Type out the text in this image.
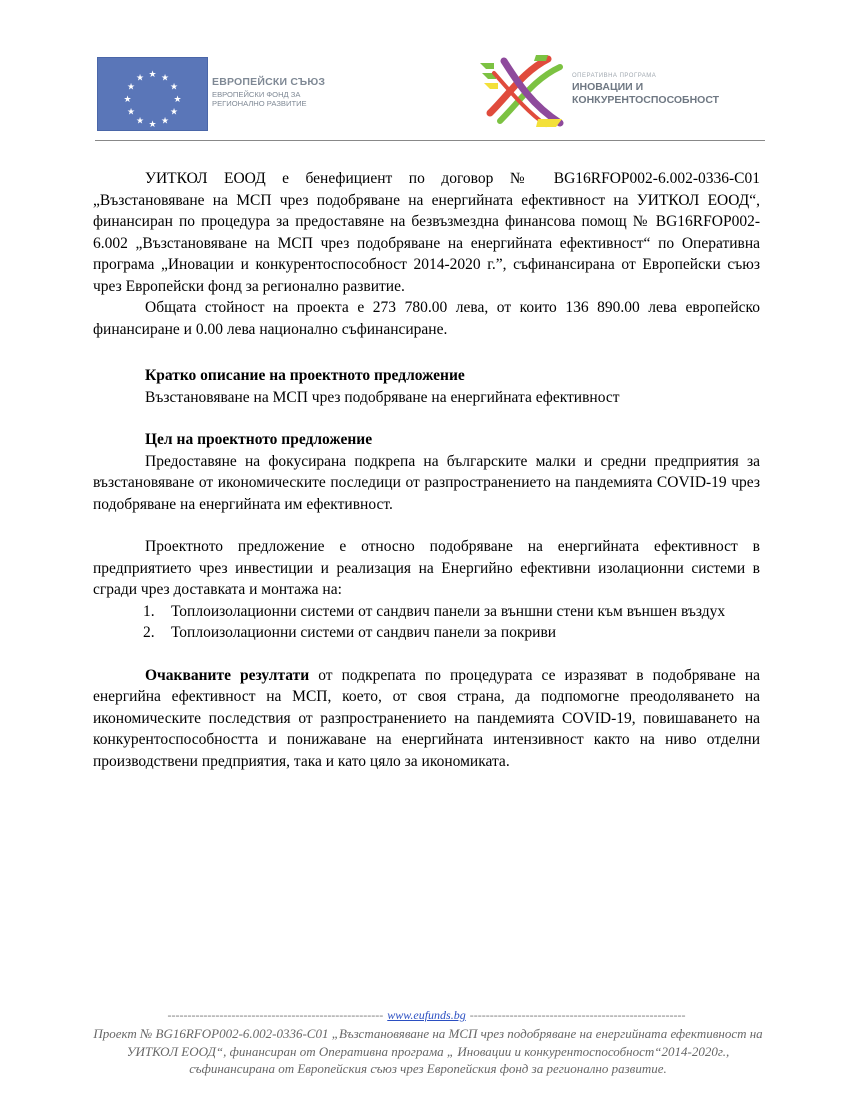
★ ★
★
★
★
★
★
★
★
★
★
★	ЕВРОПЕЙСКИ СЪЮЗ
ЕВРОПЕЙСКИ ФОНД ЗА
РЕГИОНАЛНО РАЗВИТИЕ
ОПЕРАТИВНА ПРОГРАМА
ИНОВАЦИИ И
КОНКУРЕНТОСПОСОБНОСТ

УИТКОЛ ЕООД е бенефициент по договор № BG16RFOP002-6.002-0336-C01 „Възстановяване на МСП чрез подобряване на енергийната ефективност на УИТКОЛ ЕООД“, финансиран по процедура за предоставяне на безвъзмездна финансова помощ № BG16RFOP002-6.002 „Възстановяване на МСП чрез подобряване на енергийната ефективност“ по Оперативна програма „Иновации и конкурентоспособност 2014-2020 г.”, съфинансирана от Европейски съюз чрез Европейски фонд за регионално развитие.

Общата стойност на проекта е 273 780.00 лева, от които 136 890.00 лева европейско финансиране и 0.00 лева национално съфинансиране.

Кратко описание на проектното предложение

Възстановяване на МСП чрез подобряване на енергийната ефективност

Цел на проектното предложение

Предоставяне на фокусирана подкрепа на българските малки и средни предприятия за възстановяване от икономическите последици от разпространението на пандемията COVID-19 чрез подобряване на енергийната им ефективност.

Проектното предложение е относно подобряване на енергийната ефективност в предприятието чрез инвестиции и реализация на Енергийно ефективни изолационни системи в сгради чрез доставката и монтажа на:

1. Топлоизолационни системи от сандвич панели за външни стени към външен въздух
2. Топлоизолационни системи от сандвич панели за покриви

Очакваните резултати от подкрепата по процедурата се изразяват в подобряване на енергийна ефективност на МСП, което, от своя страна, да подпомогне преодоляването на икономическите последствия от разпространението на пандемията COVID-19, повишаването на конкурентоспособността и понижаване на енергийната интензивност както на ниво отделни производствени предприятия, така и като цяло за икономиката.

------------------------------------------------------ www.eufunds.bg ------------------------------------------------------
Проект № BG16RFOP002-6.002-0336-C01 „Възстановяване на МСП чрез подобряване на енергийната ефективност на УИТКОЛ ЕООД“, финансиран от Оперативна програма „ Иновации и конкурентоспособност“2014-2020г., съфинансирана от Европейския съюз чрез Европейския фонд за регионално развитие.
